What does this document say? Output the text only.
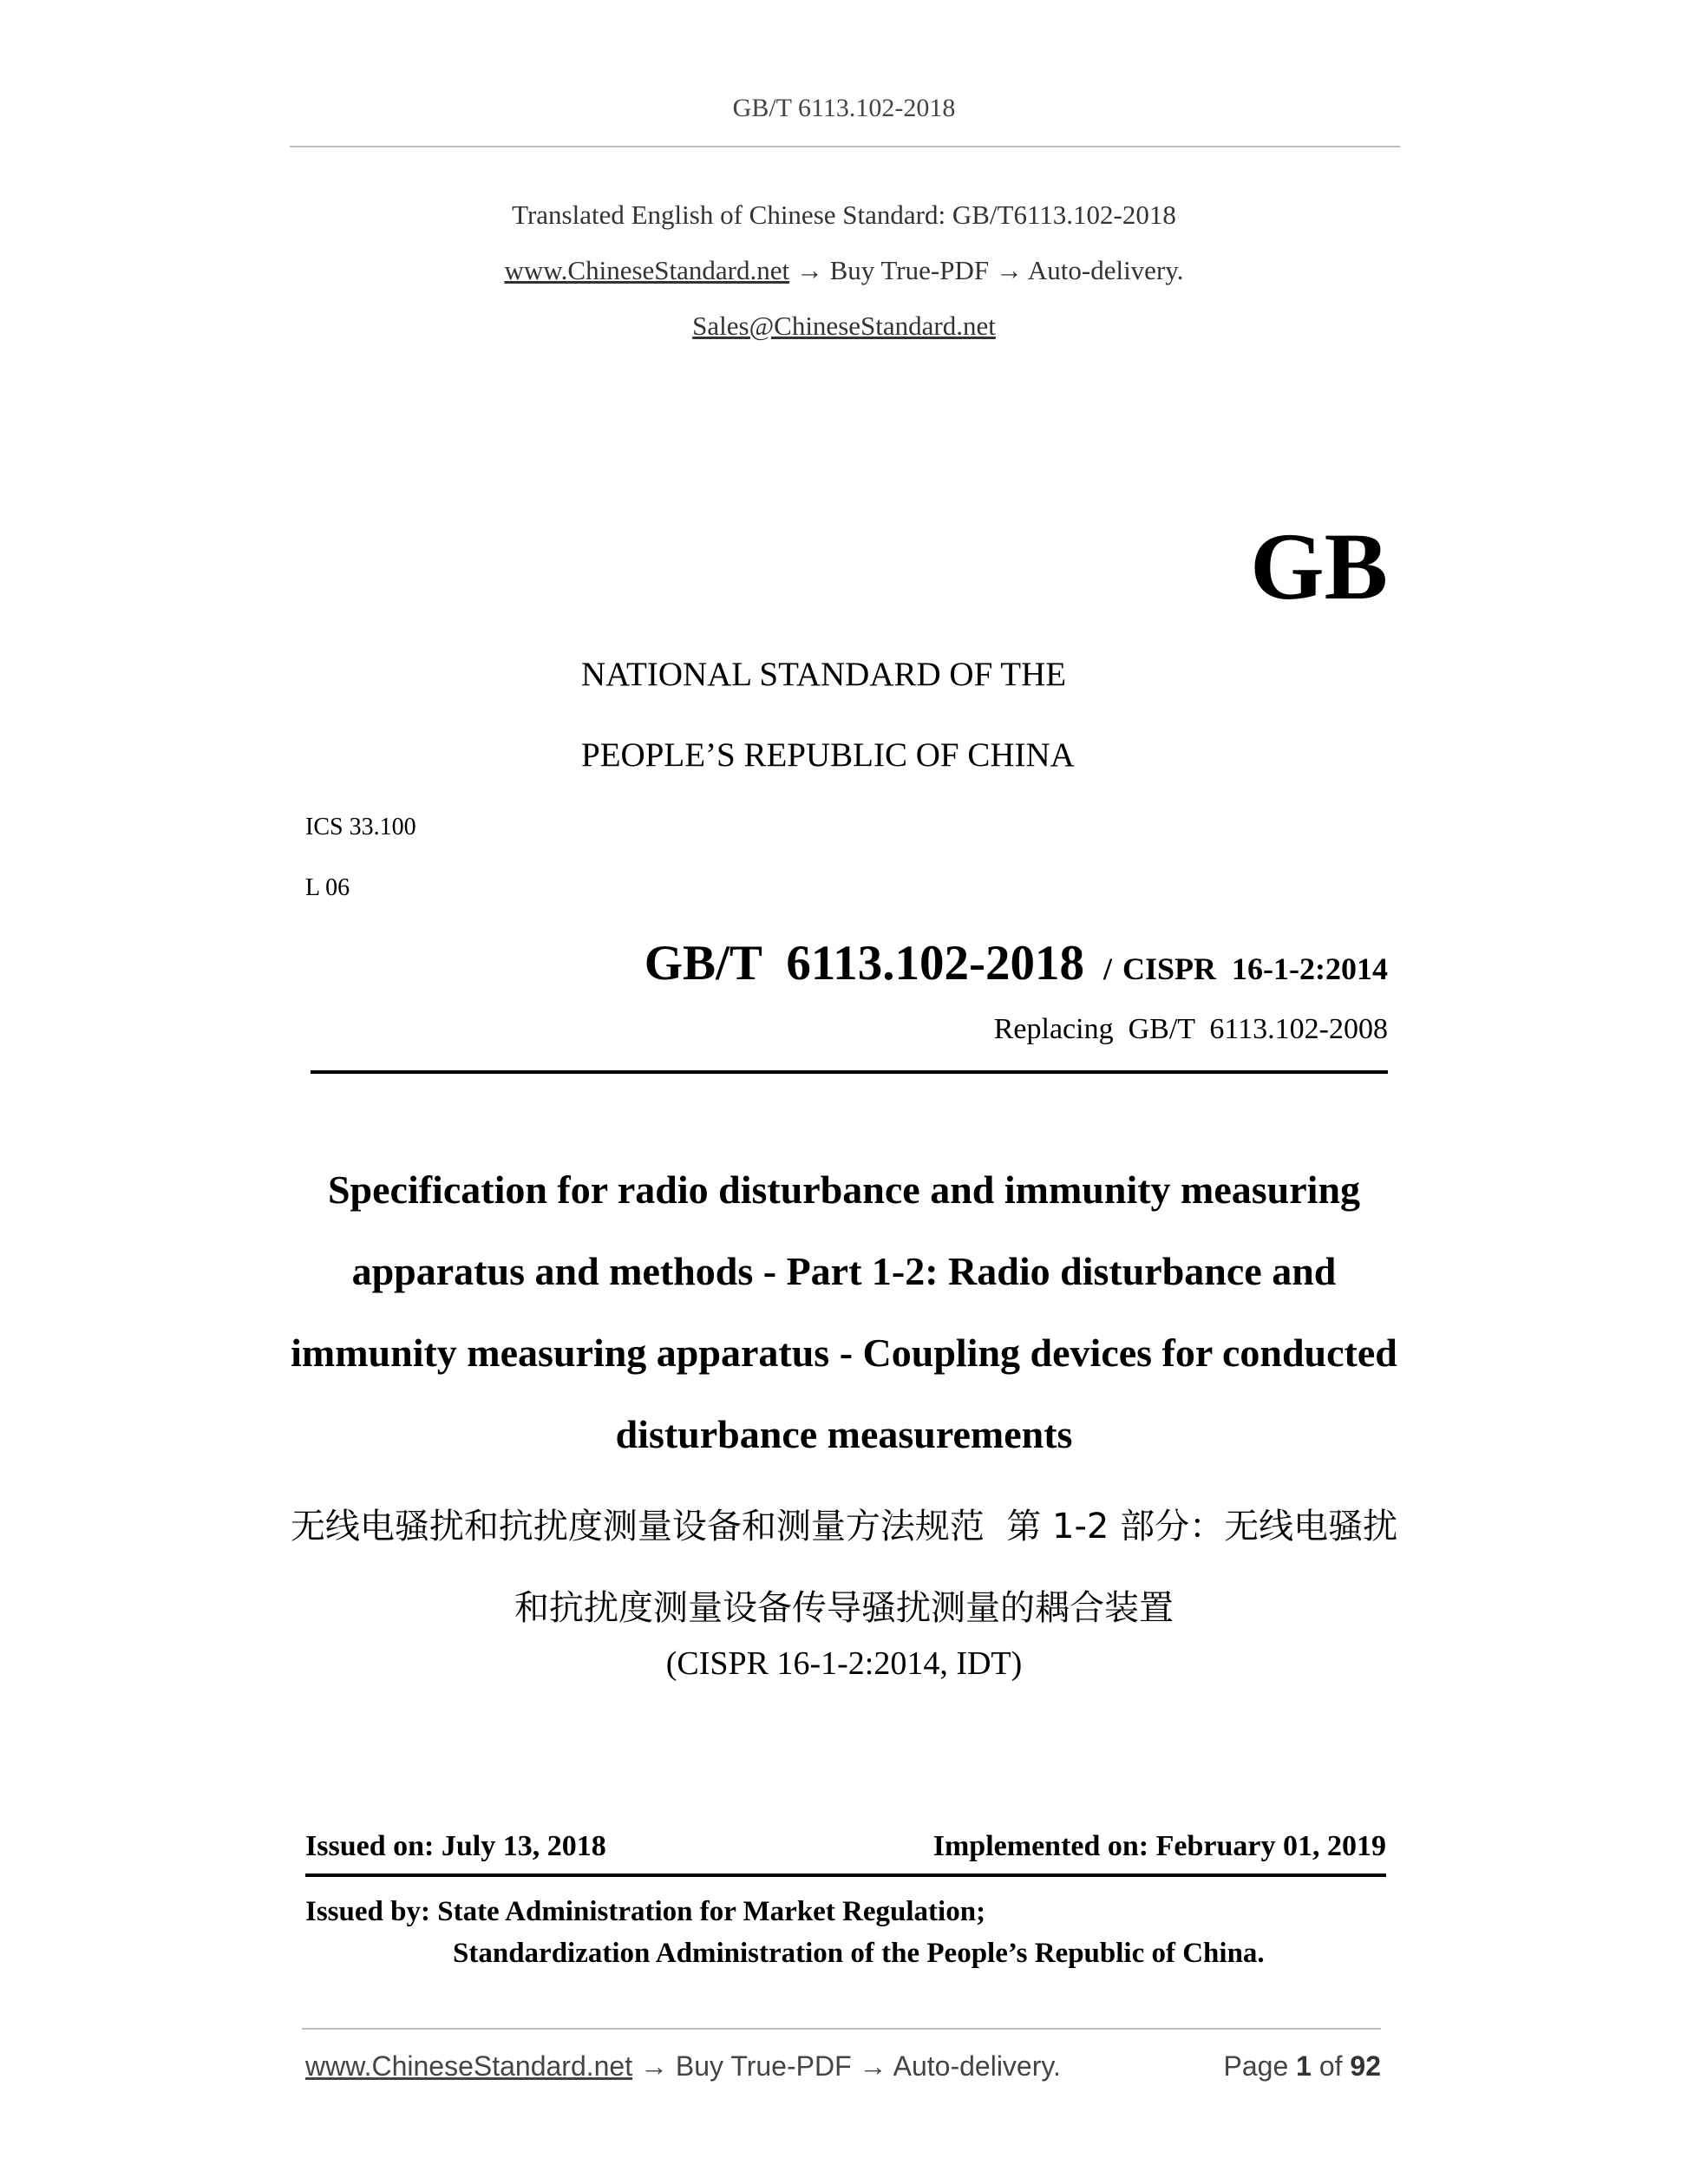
GB/T 6113.102-2018
Translated English of Chinese Standard: GB/T6113.102-2018
www.ChineseStandard.net → Buy True-PDF → Auto-delivery.
Sales@ChineseStandard.net
GB
NATIONAL STANDARD OF THE
PEOPLE’S REPUBLIC OF CHINA
ICS 33.100
L 06
GB/T  6113.102-2018 / CISPR  16-1-2:2014
Replacing  GB/T  6113.102-2008
Specification for radio disturbance and immunity measuring apparatus and methods - Part 1-2: Radio disturbance and immunity measuring apparatus - Coupling devices for conducted disturbance measurements
无线电骚扰和抗扰度测量设备和测量方法规范  第 1-2 部分：无线电骚扰和抗扰度测量设备传导骚扰测量的耦合装置
(CISPR 16-1-2:2014, IDT)
Issued on: July 13, 2018	Implemented on: February 01, 2019
Issued by: State Administration for Market Regulation;
Standardization Administration of the People’s Republic of China.
www.ChineseStandard.net → Buy True-PDF → Auto-delivery.	Page 1 of 92
